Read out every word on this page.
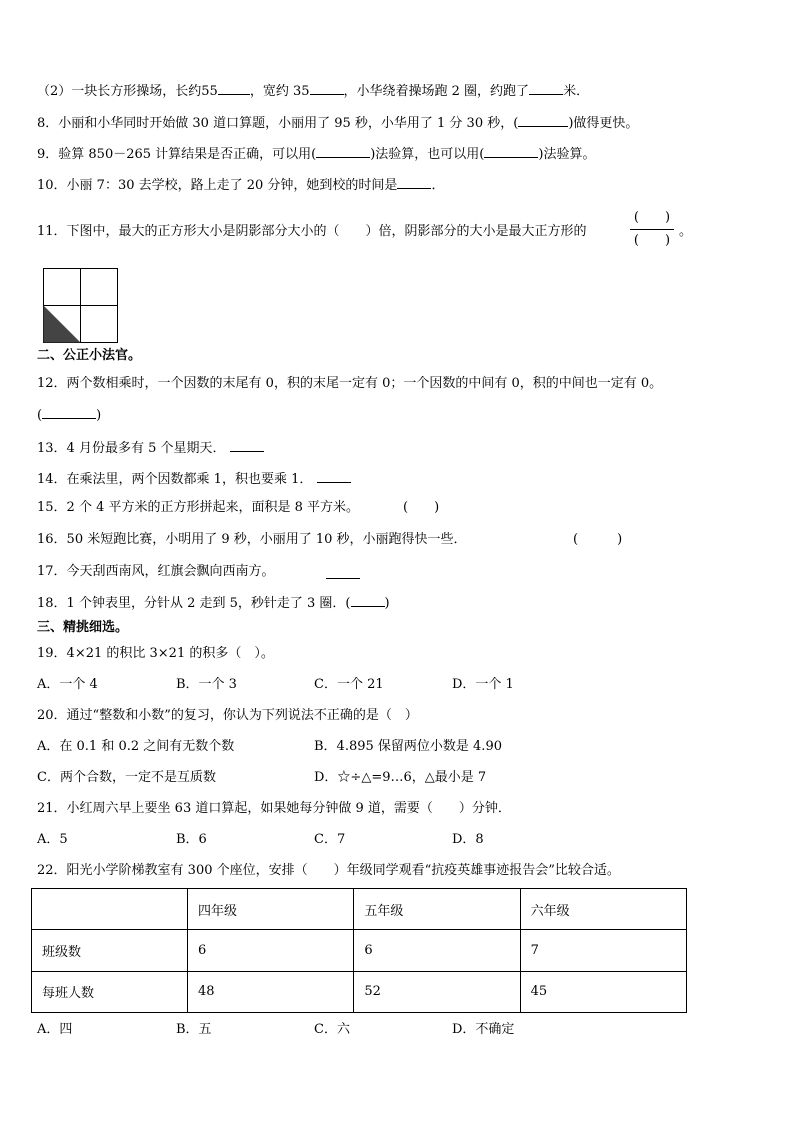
（2）一块长方形操场，长约55 ，宽约 35	，小华绕着操场跑 2 圈，约跑了	米．
8．小丽和小华同时开始做 30 道口算题，小丽用了 95 秒，小华用了 1 分 30 秒，(	)做得更快。
9．验算 850－265 计算结果是否正确，可以用(	)法验算，也可以用(	)法验算。
10．小丽 7：30 去学校，路上走了 20 分钟，她到校的时间是	．
11．下图中，最大的正方形大小是阴影部分大小的（　　）倍，阴影部分的大小是最大正方形的
(　　)
(　　)
。
二、公正小法官。
12．两个数相乘时，一个因数的末尾有 0，积的末尾一定有 0；一个因数的中间有 0，积的中间也一定有 0。
(	)
13．4 月份最多有 5 个星期天．
14．在乘法里，两个因数都乘 1，积也要乘 1．
15．2 个 4 平方米的正方形拼起来，面积是 8 平方米。	(　　)
16．50 米短跑比赛，小明用了 9 秒，小丽用了 10 秒，小丽跑得快一些．	(　　　)
17．今天刮西南风，红旗会飘向西南方。
18．1 个钟表里，分针从 2 走到 5，秒针走了 3 圈．(	)
三、精挑细选。
19．4×21 的积比 3×21 的积多（　）。
A．一个 4	B．一个 3	C．一个 21	D．一个 1
20．通过“整数和小数”的复习，你认为下列说法不正确的是（　）
A．在 0.1 和 0.2 之间有无数个数	B．4.895 保留两位小数是 4.90
C．两个合数，一定不是互质数	D．☆÷△=9…6，△最小是 7
21．小红周六早上要坐 63 道口算起，如果她每分钟做 9 道，需要（　　）分钟．
A．5	B．6	C．7	D．8
22．阳光小学阶梯教室有 300 个座位，安排（　　）年级同学观看“抗疫英雄事迹报告会”比较合适。
	四年级	五年级	六年级
班级数	6	6	7
每班人数	48	52	45
A．四	B．五	C．六	D．不确定
